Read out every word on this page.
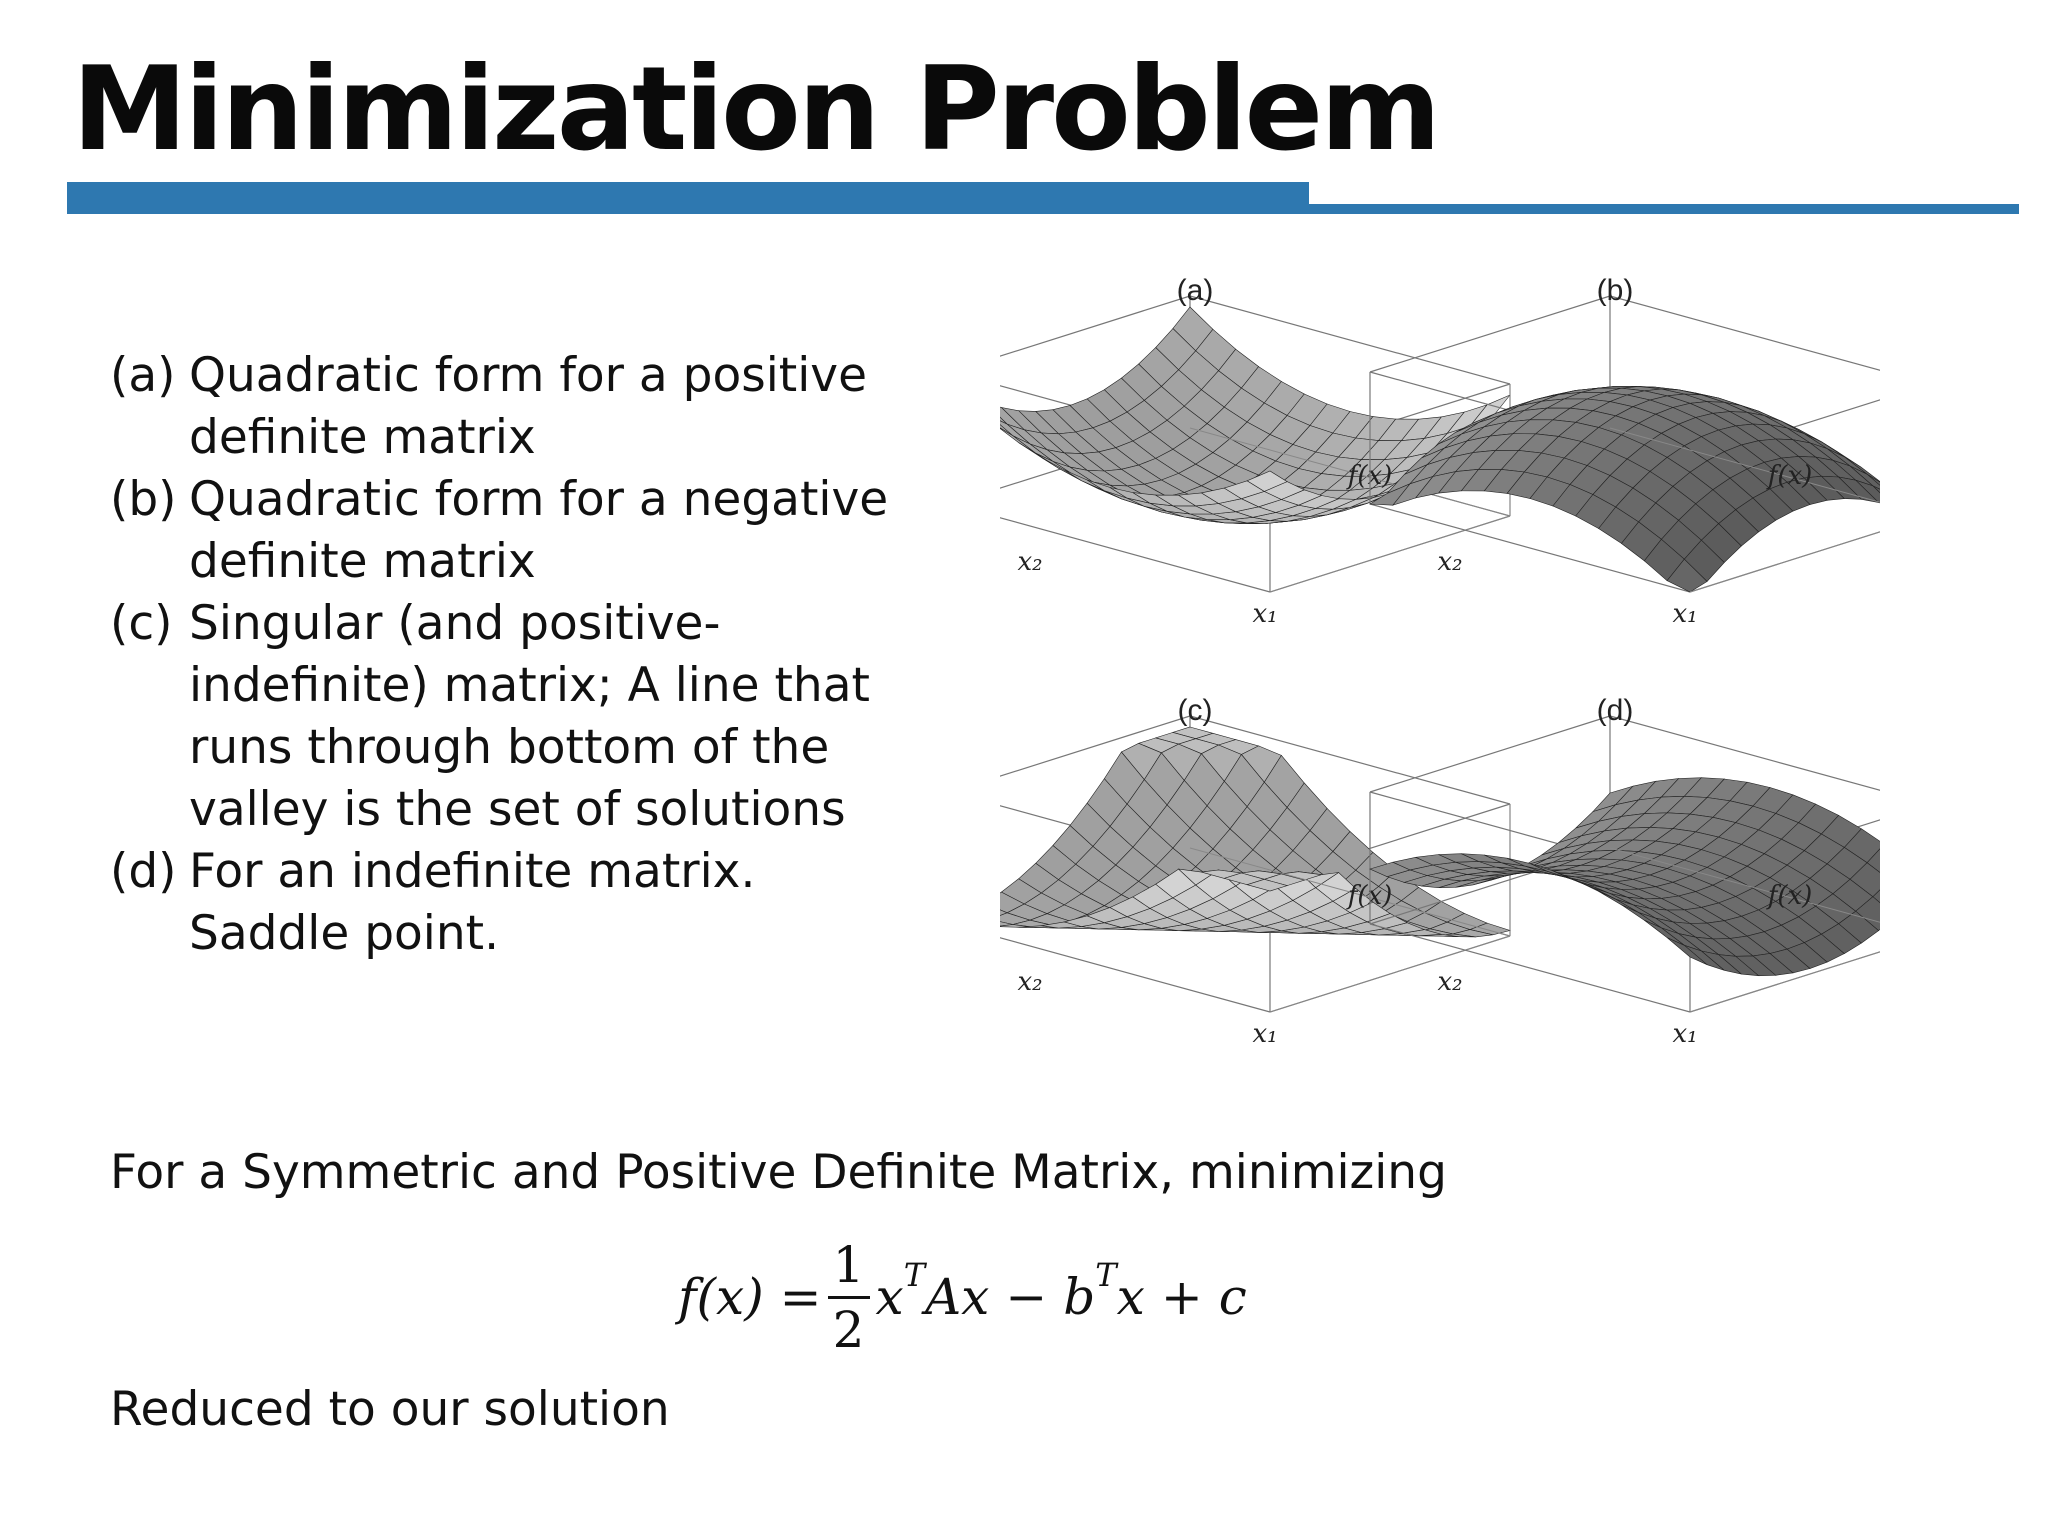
Minimization Problem
(a) Quadratic form for a positive definite matrix
(b) Quadratic form for a negative definite matrix
(c) Singular (and positive-indefinite) matrix; A line that runs through bottom of the valley is the set of solutions
(d) For an indefinite matrix. Saddle point.
(a)
f(x)
x₂
x₁
(b)
f(x)
x₂
x₁
(c)
f(x)
x₂
x₁
(d)
f(x)
x₂
x₁

For a Symmetric and Positive Definite Matrix, minimizing

$f(x) = \frac{1}{2}$ x T Ax − b T x + c

Reduced to our solution
